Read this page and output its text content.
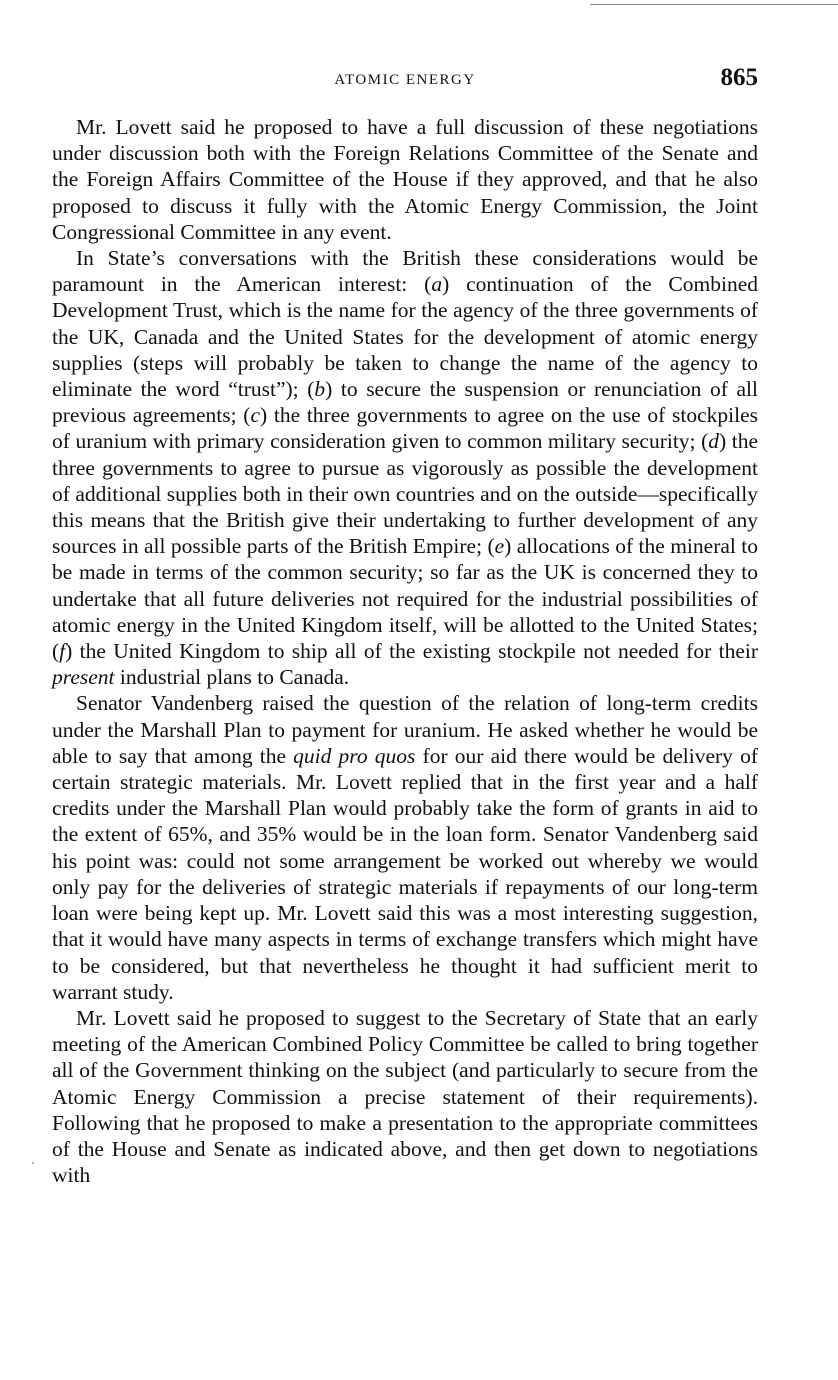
ATOMIC ENERGY	865

Mr. Lovett said he proposed to have a full discussion of these negotiations under discussion both with the Foreign Relations Committee of the Senate and the Foreign Affairs Committee of the House if they approved, and that he also proposed to discuss it fully with the Atomic Energy Commission, the Joint Congressional Committee in any event.

In State’s conversations with the British these considerations would be paramount in the American interest: (a) continuation of the Combined Development Trust, which is the name for the agency of the three governments of the UK, Canada and the United States for the development of atomic energy supplies (steps will probably be taken to change the name of the agency to eliminate the word “trust”); (b) to secure the suspension or renunciation of all previous agreements; (c) the three governments to agree on the use of stockpiles of uranium with primary consideration given to common military security; (d) the three governments to agree to pursue as vigorously as possible the development of additional supplies both in their own countries and on the outside—specifically this means that the British give their undertaking to further development of any sources in all possible parts of the British Empire; (e) allocations of the mineral to be made in terms of the common security; so far as the UK is concerned they to undertake that all future deliveries not required for the industrial possibilities of atomic energy in the United Kingdom itself, will be allotted to the United States; (f) the United Kingdom to ship all of the existing stockpile not needed for their present industrial plans to Canada.

Senator Vandenberg raised the question of the relation of long-term credits under the Marshall Plan to payment for uranium. He asked whether he would be able to say that among the quid pro quos for our aid there would be delivery of certain strategic materials. Mr. Lovett replied that in the first year and a half credits under the Marshall Plan would probably take the form of grants in aid to the extent of 65%, and 35% would be in the loan form. Senator Vandenberg said his point was: could not some arrangement be worked out whereby we would only pay for the deliveries of strategic materials if repayments of our long-term loan were being kept up. Mr. Lovett said this was a most interesting suggestion, that it would have many aspects in terms of exchange transfers which might have to be considered, but that nevertheless he thought it had sufficient merit to warrant study.

Mr. Lovett said he proposed to suggest to the Secretary of State that an early meeting of the American Combined Policy Committee be called to bring together all of the Government thinking on the subject (and particularly to secure from the Atomic Energy Commission a precise statement of their requirements). Following that he proposed to make a presentation to the appropriate committees of the House and Senate as indicated above, and then get down to negotiations with

⋆
